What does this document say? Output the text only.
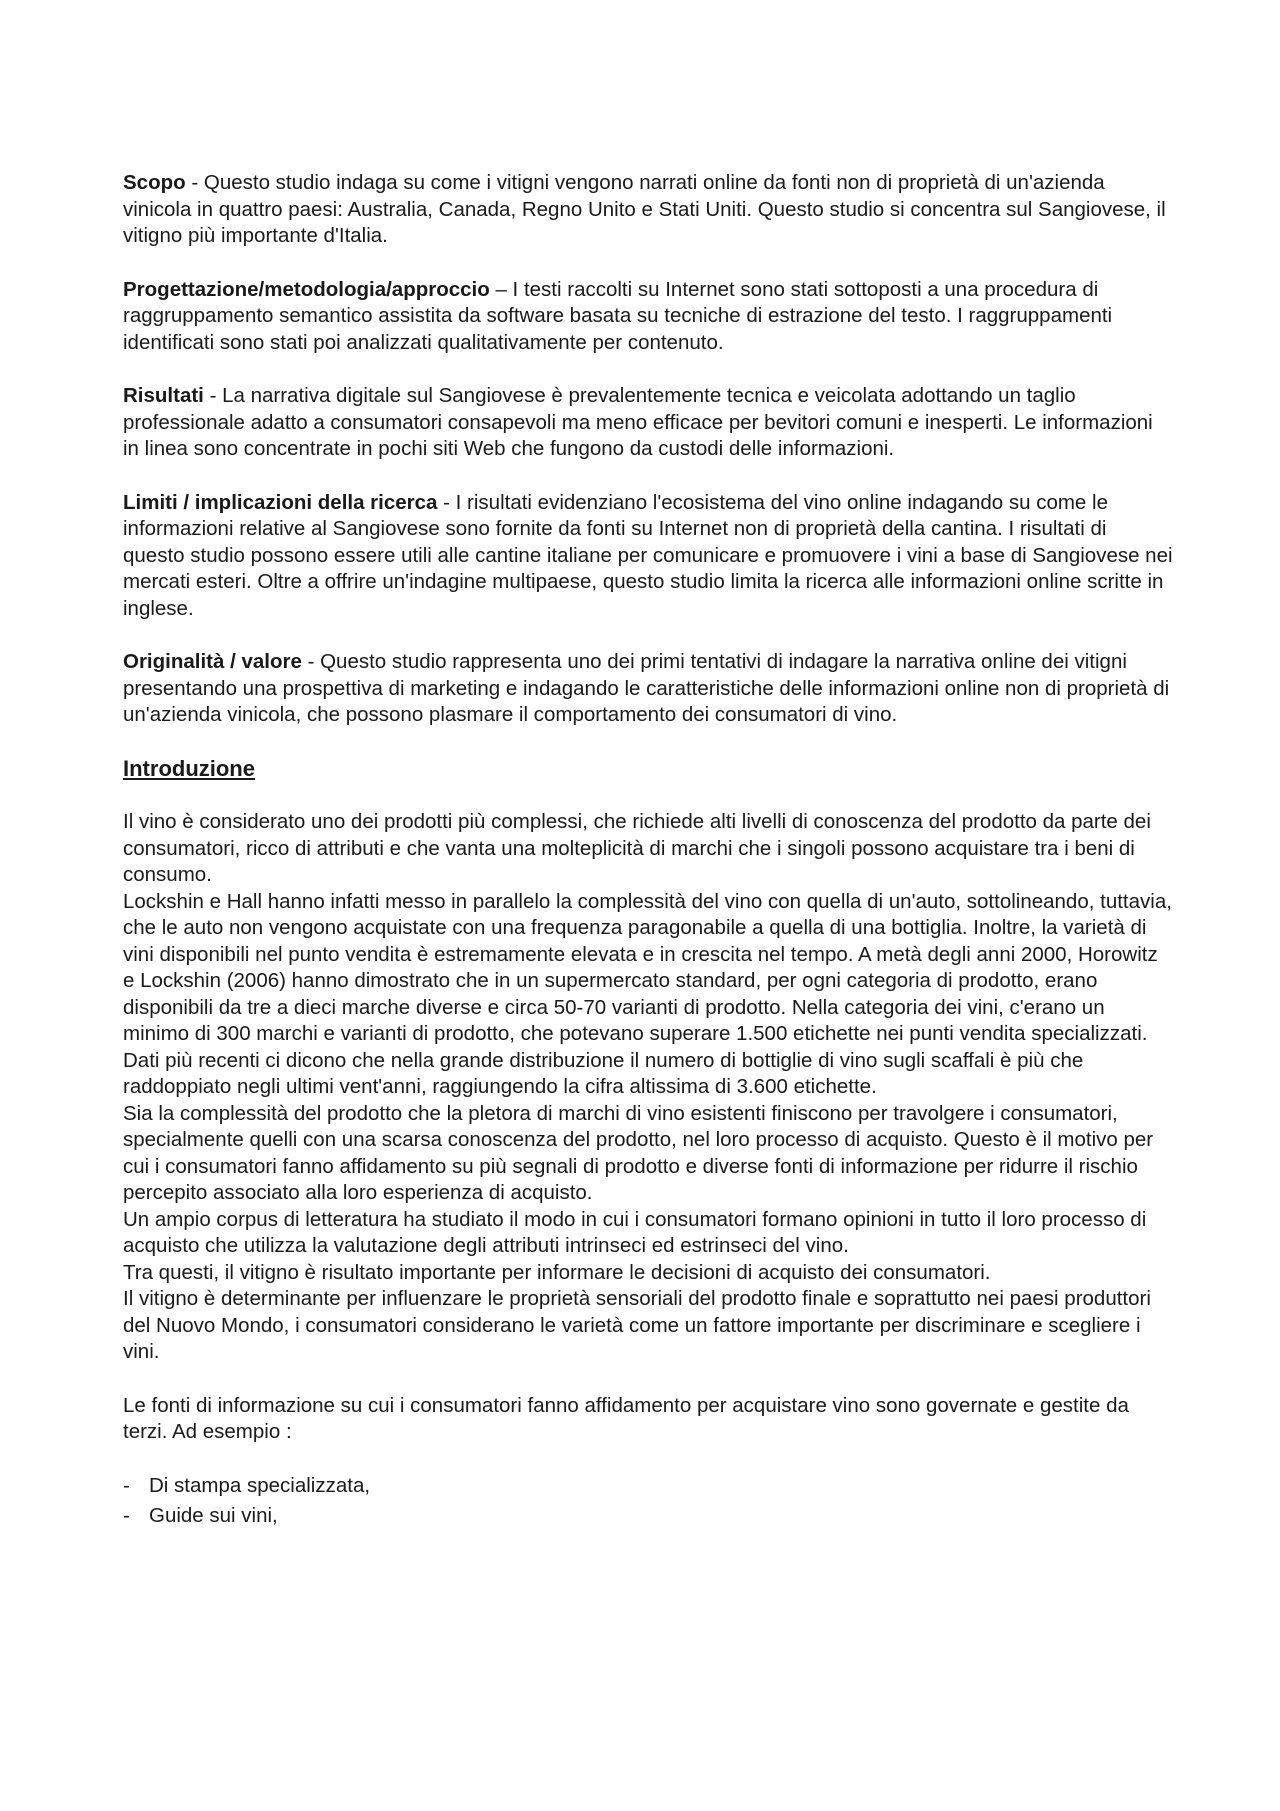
Scopo - Questo studio indaga su come i vitigni vengono narrati online da fonti non di proprietà di un'azienda vinicola in quattro paesi: Australia, Canada, Regno Unito e Stati Uniti. Questo studio si concentra sul Sangiovese, il vitigno più importante d'Italia.

Progettazione/metodologia/approccio – I testi raccolti su Internet sono stati sottoposti a una procedura di raggruppamento semantico assistita da software basata su tecniche di estrazione del testo. I raggruppamenti identificati sono stati poi analizzati qualitativamente per contenuto.

Risultati - La narrativa digitale sul Sangiovese è prevalentemente tecnica e veicolata adottando un taglio professionale adatto a consumatori consapevoli ma meno efficace per bevitori comuni e inesperti. Le informazioni in linea sono concentrate in pochi siti Web che fungono da custodi delle informazioni.

Limiti / implicazioni della ricerca - I risultati evidenziano l'ecosistema del vino online indagando su come le informazioni relative al Sangiovese sono fornite da fonti su Internet non di proprietà della cantina. I risultati di questo studio possono essere utili alle cantine italiane per comunicare e promuovere i vini a base di Sangiovese nei mercati esteri. Oltre a offrire un'indagine multipaese, questo studio limita la ricerca alle informazioni online scritte in inglese.

Originalità / valore - Questo studio rappresenta uno dei primi tentativi di indagare la narrativa online dei vitigni presentando una prospettiva di marketing e indagando le caratteristiche delle informazioni online non di proprietà di un'azienda vinicola, che possono plasmare il comportamento dei consumatori di vino.

Introduzione

Il vino è considerato uno dei prodotti più complessi, che richiede alti livelli di conoscenza del prodotto da parte dei consumatori, ricco di attributi e che vanta una molteplicità di marchi che i singoli possono acquistare tra i beni di consumo.

Lockshin e Hall hanno infatti messo in parallelo la complessità del vino con quella di un'auto, sottolineando, tuttavia, che le auto non vengono acquistate con una frequenza paragonabile a quella di una bottiglia. Inoltre, la varietà di vini disponibili nel punto vendita è estremamente elevata e in crescita nel tempo. A metà degli anni 2000, Horowitz e Lockshin (2006) hanno dimostrato che in un supermercato standard, per ogni categoria di prodotto, erano disponibili da tre a dieci marche diverse e circa 50-70 varianti di prodotto. Nella categoria dei vini, c'erano un minimo di 300 marchi e varianti di prodotto, che potevano superare 1.500 etichette nei punti vendita specializzati.

Dati più recenti ci dicono che nella grande distribuzione il numero di bottiglie di vino sugli scaffali è più che raddoppiato negli ultimi vent'anni, raggiungendo la cifra altissima di 3.600 etichette.

Sia la complessità del prodotto che la pletora di marchi di vino esistenti finiscono per travolgere i consumatori, specialmente quelli con una scarsa conoscenza del prodotto, nel loro processo di acquisto. Questo è il motivo per cui i consumatori fanno affidamento su più segnali di prodotto e diverse fonti di informazione per ridurre il rischio percepito associato alla loro esperienza di acquisto.

Un ampio corpus di letteratura ha studiato il modo in cui i consumatori formano opinioni in tutto il loro processo di acquisto che utilizza la valutazione degli attributi intrinseci ed estrinseci del vino.

Tra questi, il vitigno è risultato importante per informare le decisioni di acquisto dei consumatori.

Il vitigno è determinante per influenzare le proprietà sensoriali del prodotto finale e soprattutto nei paesi produttori del Nuovo Mondo, i consumatori considerano le varietà come un fattore importante per discriminare e scegliere i vini.

Le fonti di informazione su cui i consumatori fanno affidamento per acquistare vino sono governate e gestite da terzi. Ad esempio :

- Di stampa specializzata,
- Guide sui vini,
